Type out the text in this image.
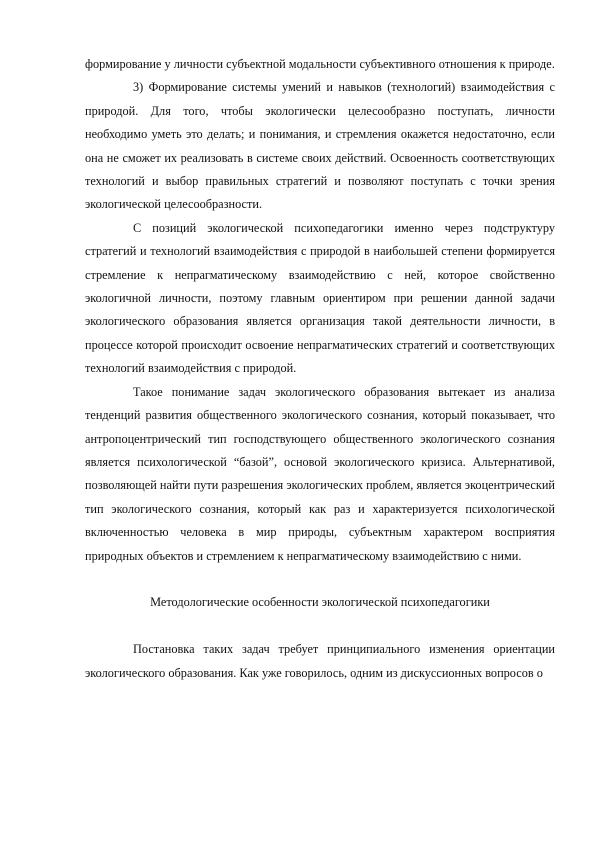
формирование у личности субъектной модальности субъективного отношения к природе.

3) Формирование системы умений и навыков (технологий) взаимодействия с природой. Для того, чтобы экологически целесообразно поступать, личности необходимо уметь это делать; и понимания, и стремления окажется недостаточно, если она не сможет их реализовать в системе своих действий. Освоенность соответствующих технологий и выбор правильных стратегий и позволяют поступать с точки зрения экологической целесообразности.

С позиций экологической психопедагогики именно через подструктуру стратегий и технологий взаимодействия с природой в наибольшей степени формируется стремление к непрагматическому взаимодействию с ней, которое свойственно экологичной личности, поэтому главным ориентиром при решении данной задачи экологического образования является организация такой деятельности личности, в процессе которой происходит освоение непрагматических стратегий и соответствующих технологий взаимодействия с природой.

Такое понимание задач экологического образования вытекает из анализа тенденций развития общественного экологического сознания, который показывает, что антропоцентрический тип господствующего общественного экологического сознания является психологической “базой”, основой экологического кризиса. Альтернативой, позволяющей найти пути разрешения экологических проблем, является экоцентрический тип экологического сознания, который как раз и характеризуется психологической включенностью человека в мир природы, субъектным характером восприятия природных объектов и стремлением к непрагматическому взаимодействию с ними.

Методологические особенности экологической психопедагогики

Постановка таких задач требует принципиального изменения ориентации экологического образования. Как уже говорилось, одним из дискуссионных вопросов о
